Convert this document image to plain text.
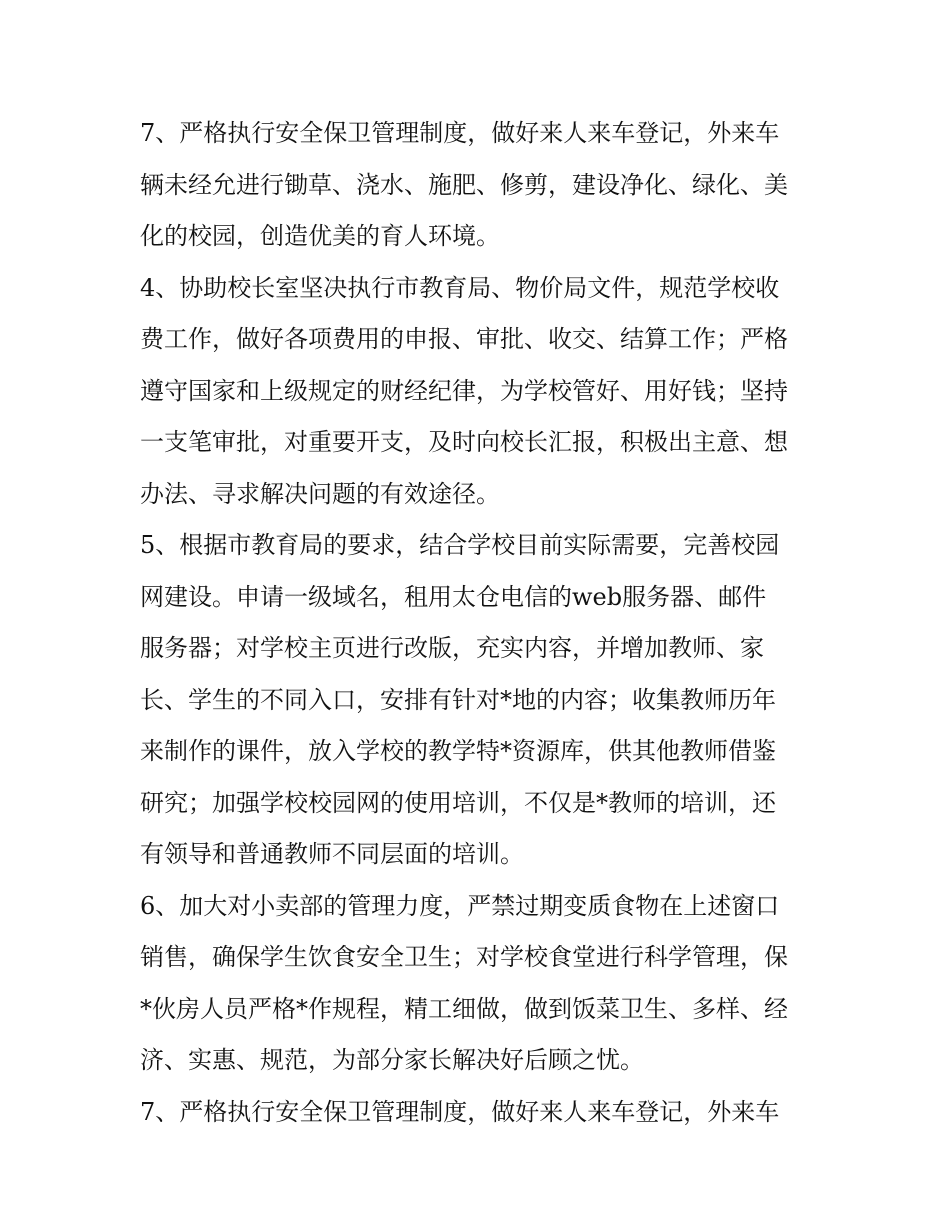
7、严格执行安全保卫管理制度，做好来人来车登记，外来车
辆未经允进行锄草、浇水、施肥、修剪，建设净化、绿化、美
化的校园，创造优美的育人环境。
4、协助校长室坚决执行市教育局、物价局文件，规范学校收
费工作，做好各项费用的申报、审批、收交、结算工作；严格
遵守国家和上级规定的财经纪律，为学校管好、用好钱；坚持
一支笔审批，对重要开支，及时向校长汇报，积极出主意、想
办法、寻求解决问题的有效途径。
5、根据市教育局的要求，结合学校目前实际需要，完善校园
网建设。申请一级域名，租用太仓电信的web服务器、邮件
服务器；对学校主页进行改版，充实内容，并增加教师、家
长、学生的不同入口，安排有针对*地的内容；收集教师历年
来制作的课件，放入学校的教学特*资源库，供其他教师借鉴
研究；加强学校校园网的使用培训，不仅是*教师的培训，还
有领导和普通教师不同层面的培训。
6、加大对小卖部的管理力度，严禁过期变质食物在上述窗口
销售，确保学生饮食安全卫生；对学校食堂进行科学管理，保
*伙房人员严格*作规程，精工细做，做到饭菜卫生、多样、经
济、实惠、规范，为部分家长解决好后顾之忧。
7、严格执行安全保卫管理制度，做好来人来车登记，外来车
